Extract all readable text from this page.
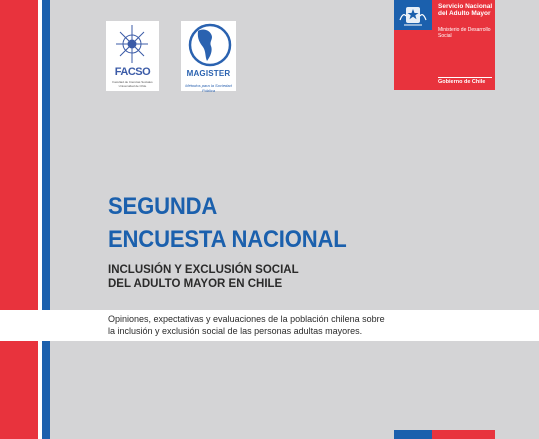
FACSO
Facultad de Ciencias Sociales Universidad de Chile
MAGISTER
Métodos para la Sociedad Pública
Servicio Nacional del Adulto Mayor
Ministerio de Desarrollo Social
Gobierno de Chile
SEGUNDA
ENCUESTA NACIONAL
INCLUSIÓN Y EXCLUSIÓN SOCIAL
DEL ADULTO MAYOR EN CHILE

Opiniones, expectativas y evaluaciones de la población chilena sobre

la inclusión y exclusión social de las personas adultas mayores.
